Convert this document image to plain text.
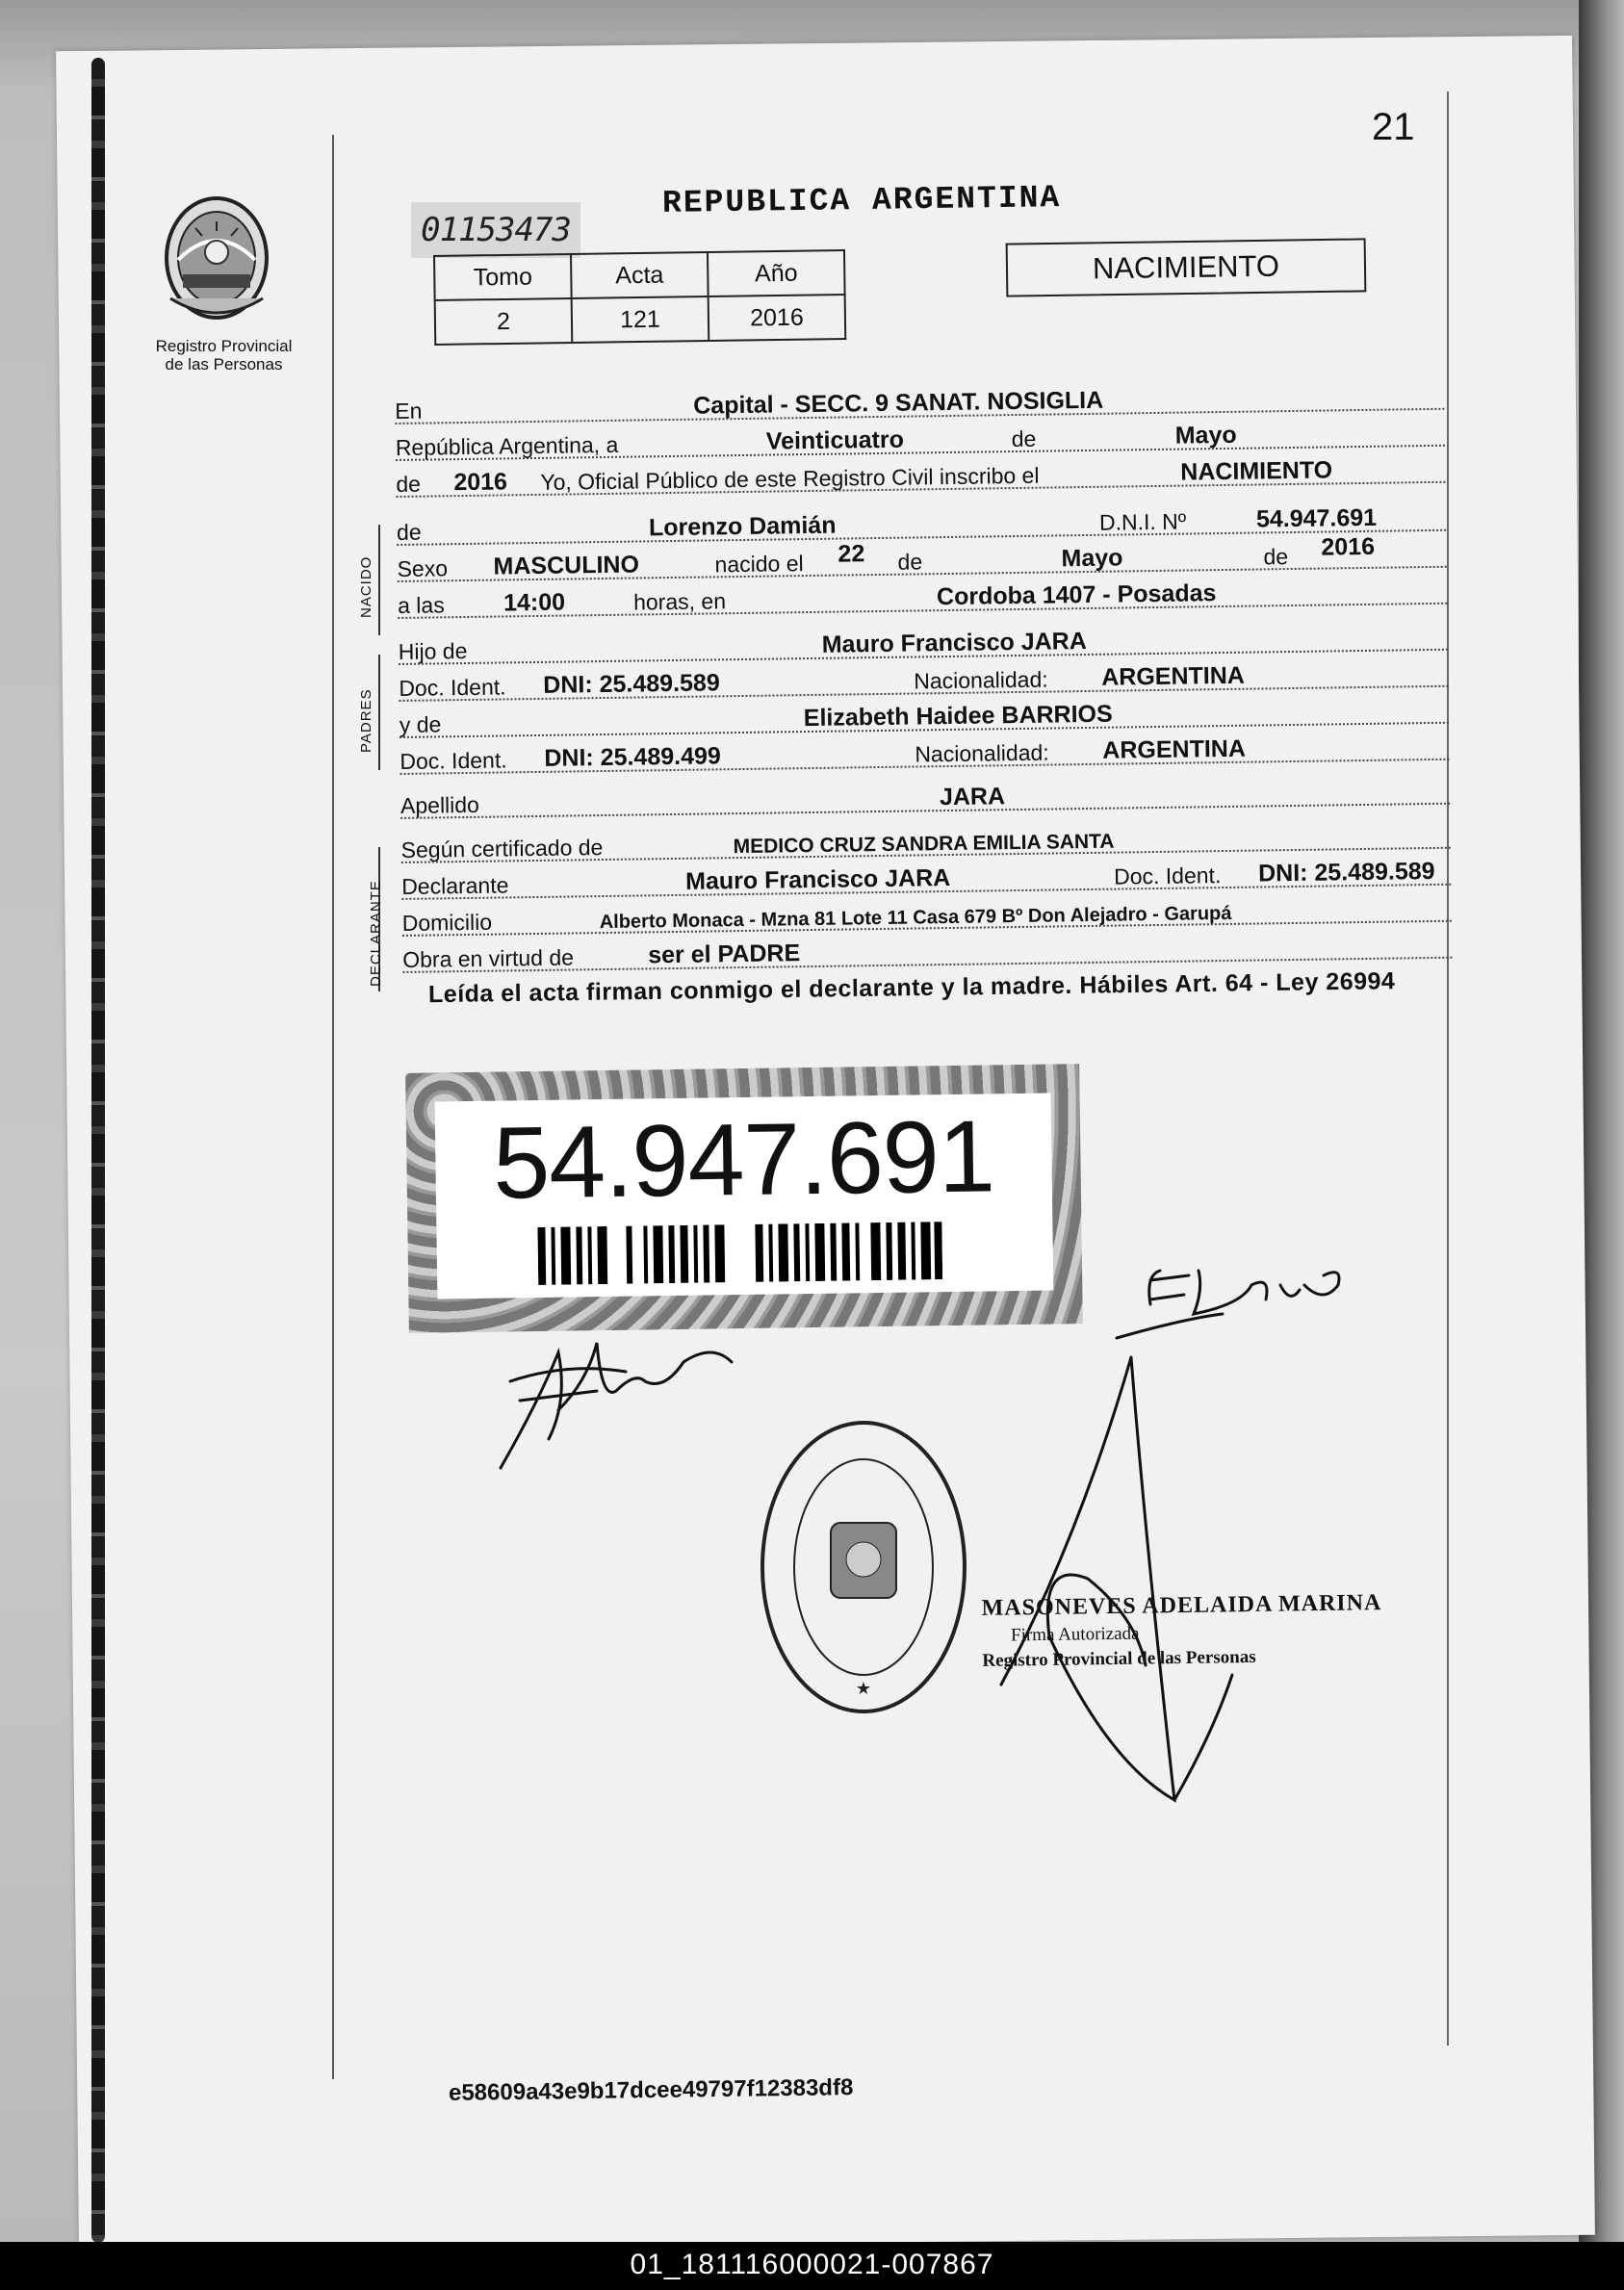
21
Registro Provincial
de las Personas
01153473
REPUBLICA ARGENTINA
Tomo	Acta	Año
2	121	2016
NACIMIENTO
NACIDO
PADRES
DECLARANTE
En	Capital - SECC. 9 SANAT. NOSIGLIA
República Argentina, a	Veinticuatro	de	Mayo
de 2016 Yo, Oficial Público de este Registro Civil inscribo el	NACIMIENTO
de	Lorenzo Damián	D.N.I. Nº	54.947.691
Sexo MASCULINO	nacido el 22 de	Mayo	de 2016
a las 14:00	horas, en	Cordoba 1407 - Posadas
Hijo de	Mauro Francisco JARA
Doc. Ident. DNI: 25.489.589	Nacionalidad: ARGENTINA
y de	Elizabeth Haidee BARRIOS
Doc. Ident. DNI: 25.489.499	Nacionalidad: ARGENTINA
Apellido	JARA
Según certificado de	MEDICO CRUZ SANDRA EMILIA SANTA
Declarante	Mauro Francisco JARA	Doc. Ident. DNI: 25.489.589
Domicilio	Alberto Monaca - Mzna 81 Lote 11 Casa 679 Bº Don Alejadro - Garupá
Obra en virtud de	ser el PADRE
Leída el acta firman conmigo el declarante y la madre. Hábiles Art. 64 - Ley 26994
54.947.691
★
MASONEVES ADELAIDA MARINA
Firma Autorizada
Registro Provincial de las Personas
e58609a43e9b17dcee49797f12383df8
01_181116000021-007867
